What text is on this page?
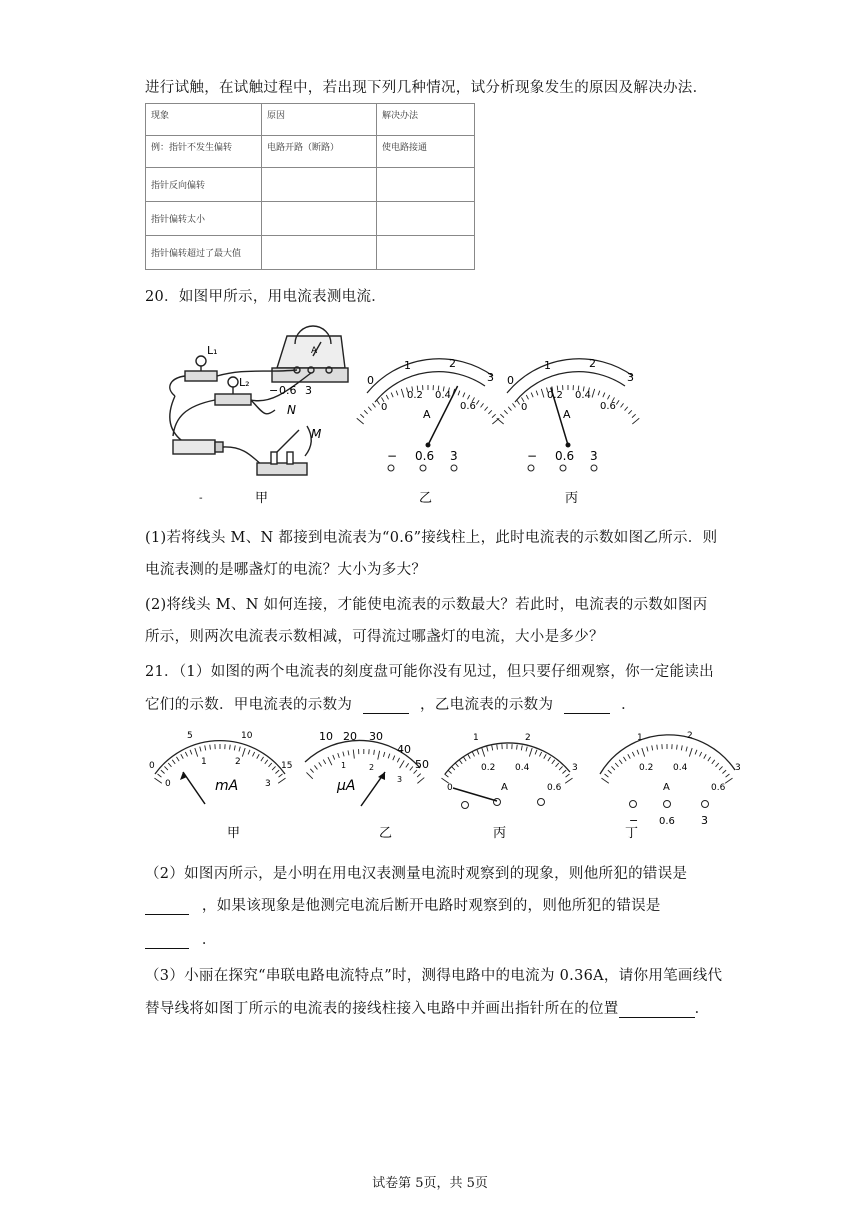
进行试触，在试触过程中，若出现下列几种情况，试分析现象发生的原因及解决办法．
现象	原因	解决办法
例：指针不发生偏转	电路开路（断路）	使电路接通
指针反向偏转		
指针偏转太小		
指针偏转超过了最大值		
20．如图甲所示，用电流表测电流．
L₁
L₂
A
− 0.6 3
N
M
-	甲
0
1	2
3
0
0.2 0.4
0.6
A
− 0.6 3
乙
0
1	2
3
0
0.2 0.4
0.6
A
− 0.6 3
丙
(1)若将线头 M、N 都接到电流表为“0.6”接线柱上，此时电流表的示数如图乙所示．则
电流表测的是哪盏灯的电流？大小为多大？
(2)将线头 M、N 如何连接，才能使电流表的示数最大？若此时，电流表的示数如图丙
所示，则两次电流表示数相减，可得流过哪盏灯的电流，大小是多少？
21．（1）如图的两个电流表的刻度盘可能你没有见过，但只要仔细观察，你一定能读出
它们的示数．甲电流表的示数为	，乙电流表的示数为	．
0
5	10
15
0
1	2
3
mA
甲
10 20 30
40
50
1	2
3
μA
乙
1	2
3
0
0.2 0.4
0.6
A
丙
1	2
3
0.2 0.4
0.6
A
− 0.6 3
丁
（2）如图丙所示，是小明在用电汉表测量电流时观察到的现象，则他所犯的错误是
，如果该现象是他测完电流后断开电路时观察到的，则他所犯的错误是
．
（3）小丽在探究“串联电路电流特点”时，测得电路中的电流为 0.36A，请你用笔画线代
替导线将如图丁所示的电流表的接线柱接入电路中并画出指针所在的位置	．
试卷第 5页，共 5页
